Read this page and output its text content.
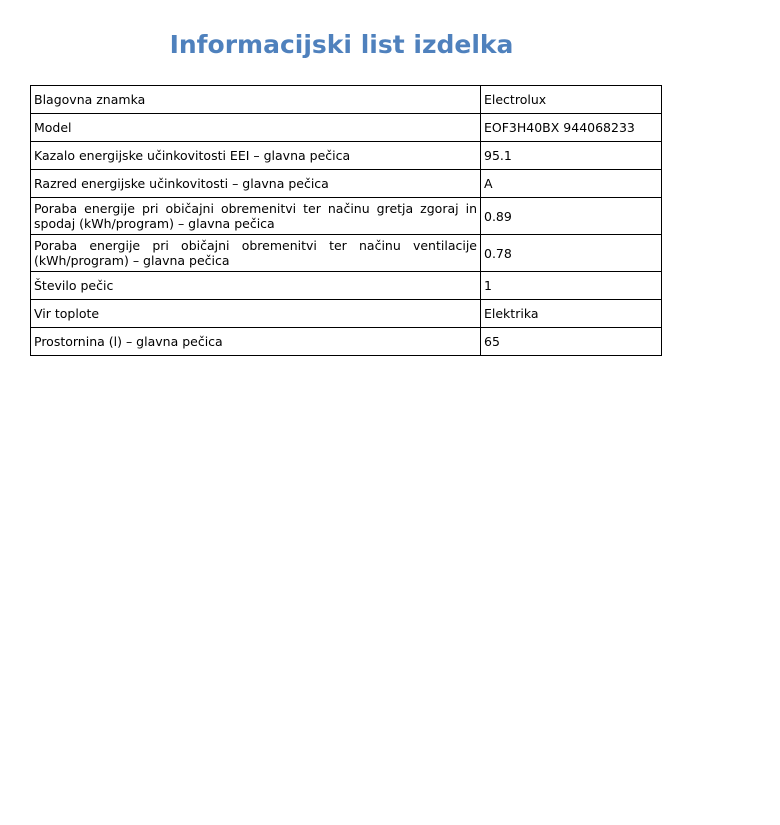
Informacijski list izdelka
Blagovna znamka	Electrolux
Model	EOF3H40BX 944068233
Kazalo energijske učinkovitosti EEI – glavna pečica	95.1
Razred energijske učinkovitosti – glavna pečica	A
Poraba energije pri običajni obremenitvi ter načinu gretja zgoraj in spodaj (kWh/program) – glavna pečica	0.89
Poraba energije pri običajni obremenitvi ter načinu ventilacije (kWh/program) – glavna pečica	0.78
Število pečic	1
Vir toplote	Elektrika
Prostornina (l) – glavna pečica	65
